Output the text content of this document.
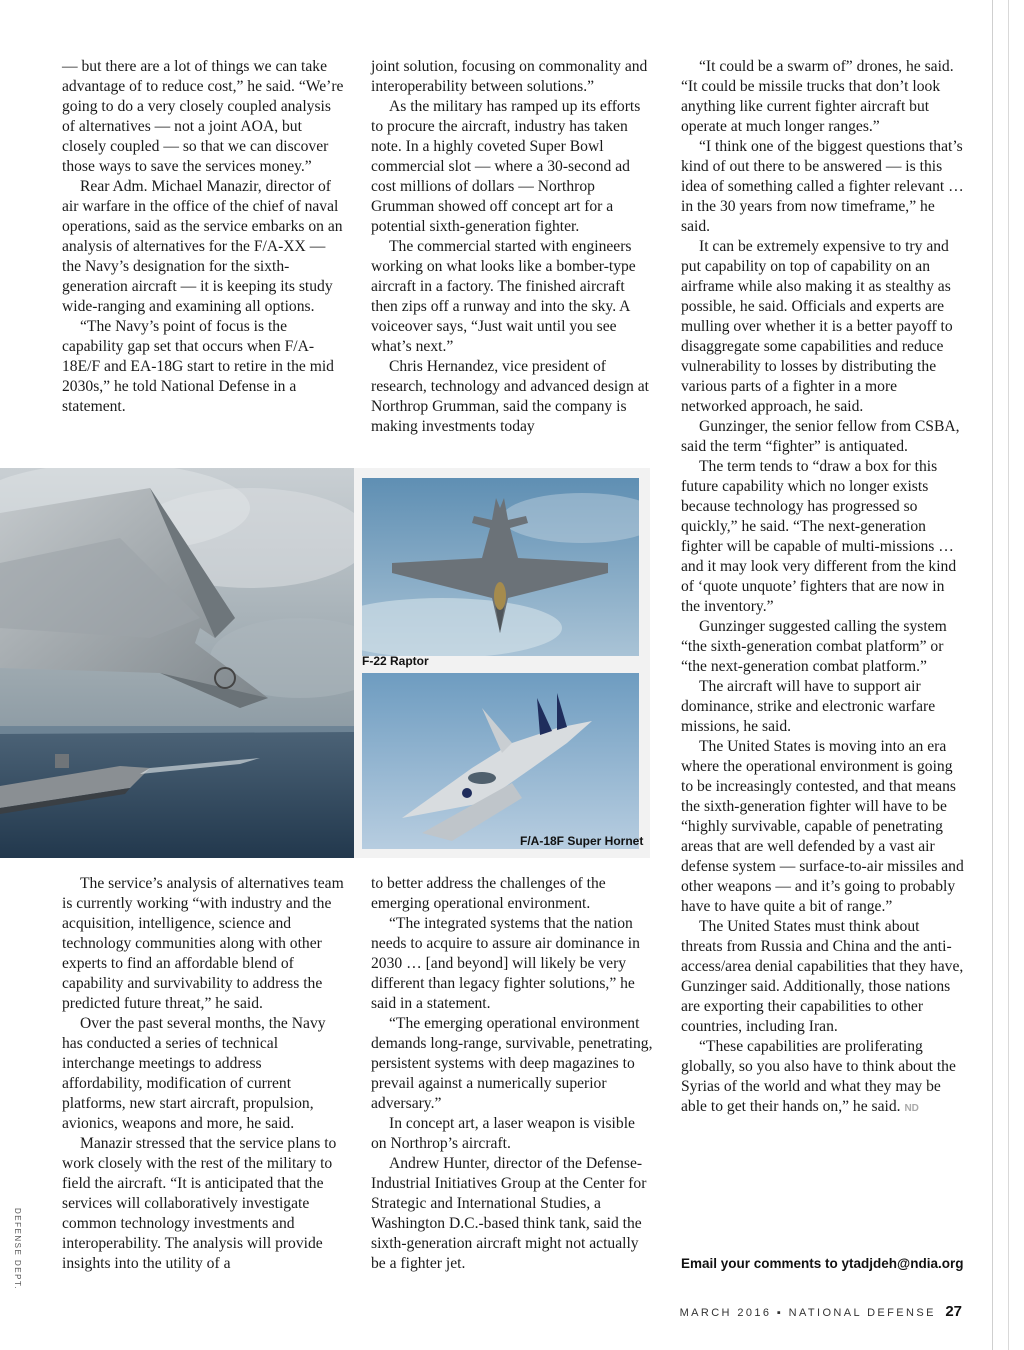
— but there are a lot of things we can take advantage of to reduce cost,” he said. “We’re going to do a very closely coupled analysis of alternatives — not a joint AOA, but closely coupled — so that we can discover those ways to save the services money.”

Rear Adm. Michael Manazir, director of air warfare in the office of the chief of naval operations, said as the service embarks on an analysis of alternatives for the F/A-XX — the Navy’s designation for the sixth-generation aircraft — it is keeping its study wide-ranging and examining all options.

“The Navy’s point of focus is the capability gap set that occurs when F/A-18E/F and EA-18G start to retire in the mid 2030s,” he told National Defense in a statement.

joint solution, focusing on commonality and interoperability between solutions.”

As the military has ramped up its efforts to procure the aircraft, industry has taken note. In a highly coveted Super Bowl commercial slot — where a 30-second ad cost millions of dollars — Northrop Grumman showed off concept art for a potential sixth-generation fighter.

The commercial started with engineers working on what looks like a bomber-type aircraft in a factory. The finished aircraft then zips off a runway and into the sky. A voiceover says, “Just wait until you see what’s next.”

Chris Hernandez, vice president of research, technology and advanced design at Northrop Grumman, said the company is making investments today

“It could be a swarm of” drones, he said. “It could be missile trucks that don’t look anything like current fighter aircraft but operate at much longer ranges.”

“I think one of the biggest questions that’s kind of out there to be answered — is this idea of something called a fighter relevant … in the 30 years from now timeframe,” he said.

It can be extremely expensive to try and put capability on top of capability on an airframe while also making it as stealthy as possible, he said. Officials and experts are mulling over whether it is a better payoff to disaggregate some capabilities and reduce vulnerability to losses by distributing the various parts of a fighter in a more networked approach, he said.

Gunzinger, the senior fellow from CSBA, said the term “fighter” is antiquated.

The term tends to “draw a box for this future capability which no longer exists because technology has progressed so quickly,” he said. “The next-generation fighter will be capable of multi-missions … and it may look very different from the kind of ‘quote unquote’ fighters that are now in the inventory.”

Gunzinger suggested calling the system “the sixth-generation combat platform” or “the next-generation combat platform.”

The aircraft will have to support air dominance, strike and electronic warfare missions, he said.

The United States is moving into an era where the operational environment is going to be increasingly contested, and that means the sixth-generation fighter will have to be “highly survivable, capable of penetrating areas that are well defended by a vast air defense system — surface-to-air missiles and other weapons — and it’s going to probably have to have quite a bit of range.”

The United States must think about threats from Russia and China and the anti-access/area denial capabilities that they have, Gunzinger said. Additionally, those nations are exporting their capabilities to other countries, including Iran.

“These capabilities are proliferating globally, so you also have to think about the Syrias of the world and what they may be able to get their hands on,” he said. ND

F-22 Raptor
F/A-18F Super Hornet

The service’s analysis of alternatives team is currently working “with industry and the acquisition, intelligence, science and technology communities along with other experts to find an affordable blend of capability and survivability to address the predicted future threat,” he said.

Over the past several months, the Navy has conducted a series of technical interchange meetings to address affordability, modification of current platforms, new start aircraft, propulsion, avionics, weapons and more, he said.

Manazir stressed that the service plans to work closely with the rest of the military to field the aircraft. “It is anticipated that the services will collaboratively investigate common technology investments and interoperability. The analysis will provide insights into the utility of a

to better address the challenges of the emerging operational environment.

“The integrated systems that the nation needs to acquire to assure air dominance in 2030 … [and beyond] will likely be very different than legacy fighter solutions,” he said in a statement.

“The emerging operational environment demands long-range, survivable, penetrating, persistent systems with deep magazines to prevail against a numerically superior adversary.”

In concept art, a laser weapon is visible on Northrop’s aircraft.

Andrew Hunter, director of the Defense-Industrial Initiatives Group at the Center for Strategic and International Studies, a Washington D.C.-based think tank, said the sixth-generation aircraft might not actually be a fighter jet.

DEFENSE DEPT.	Email your comments to ytadjdeh@ndia.org
MARCH 2016 ▪ NATIONAL DEFENSE 27
